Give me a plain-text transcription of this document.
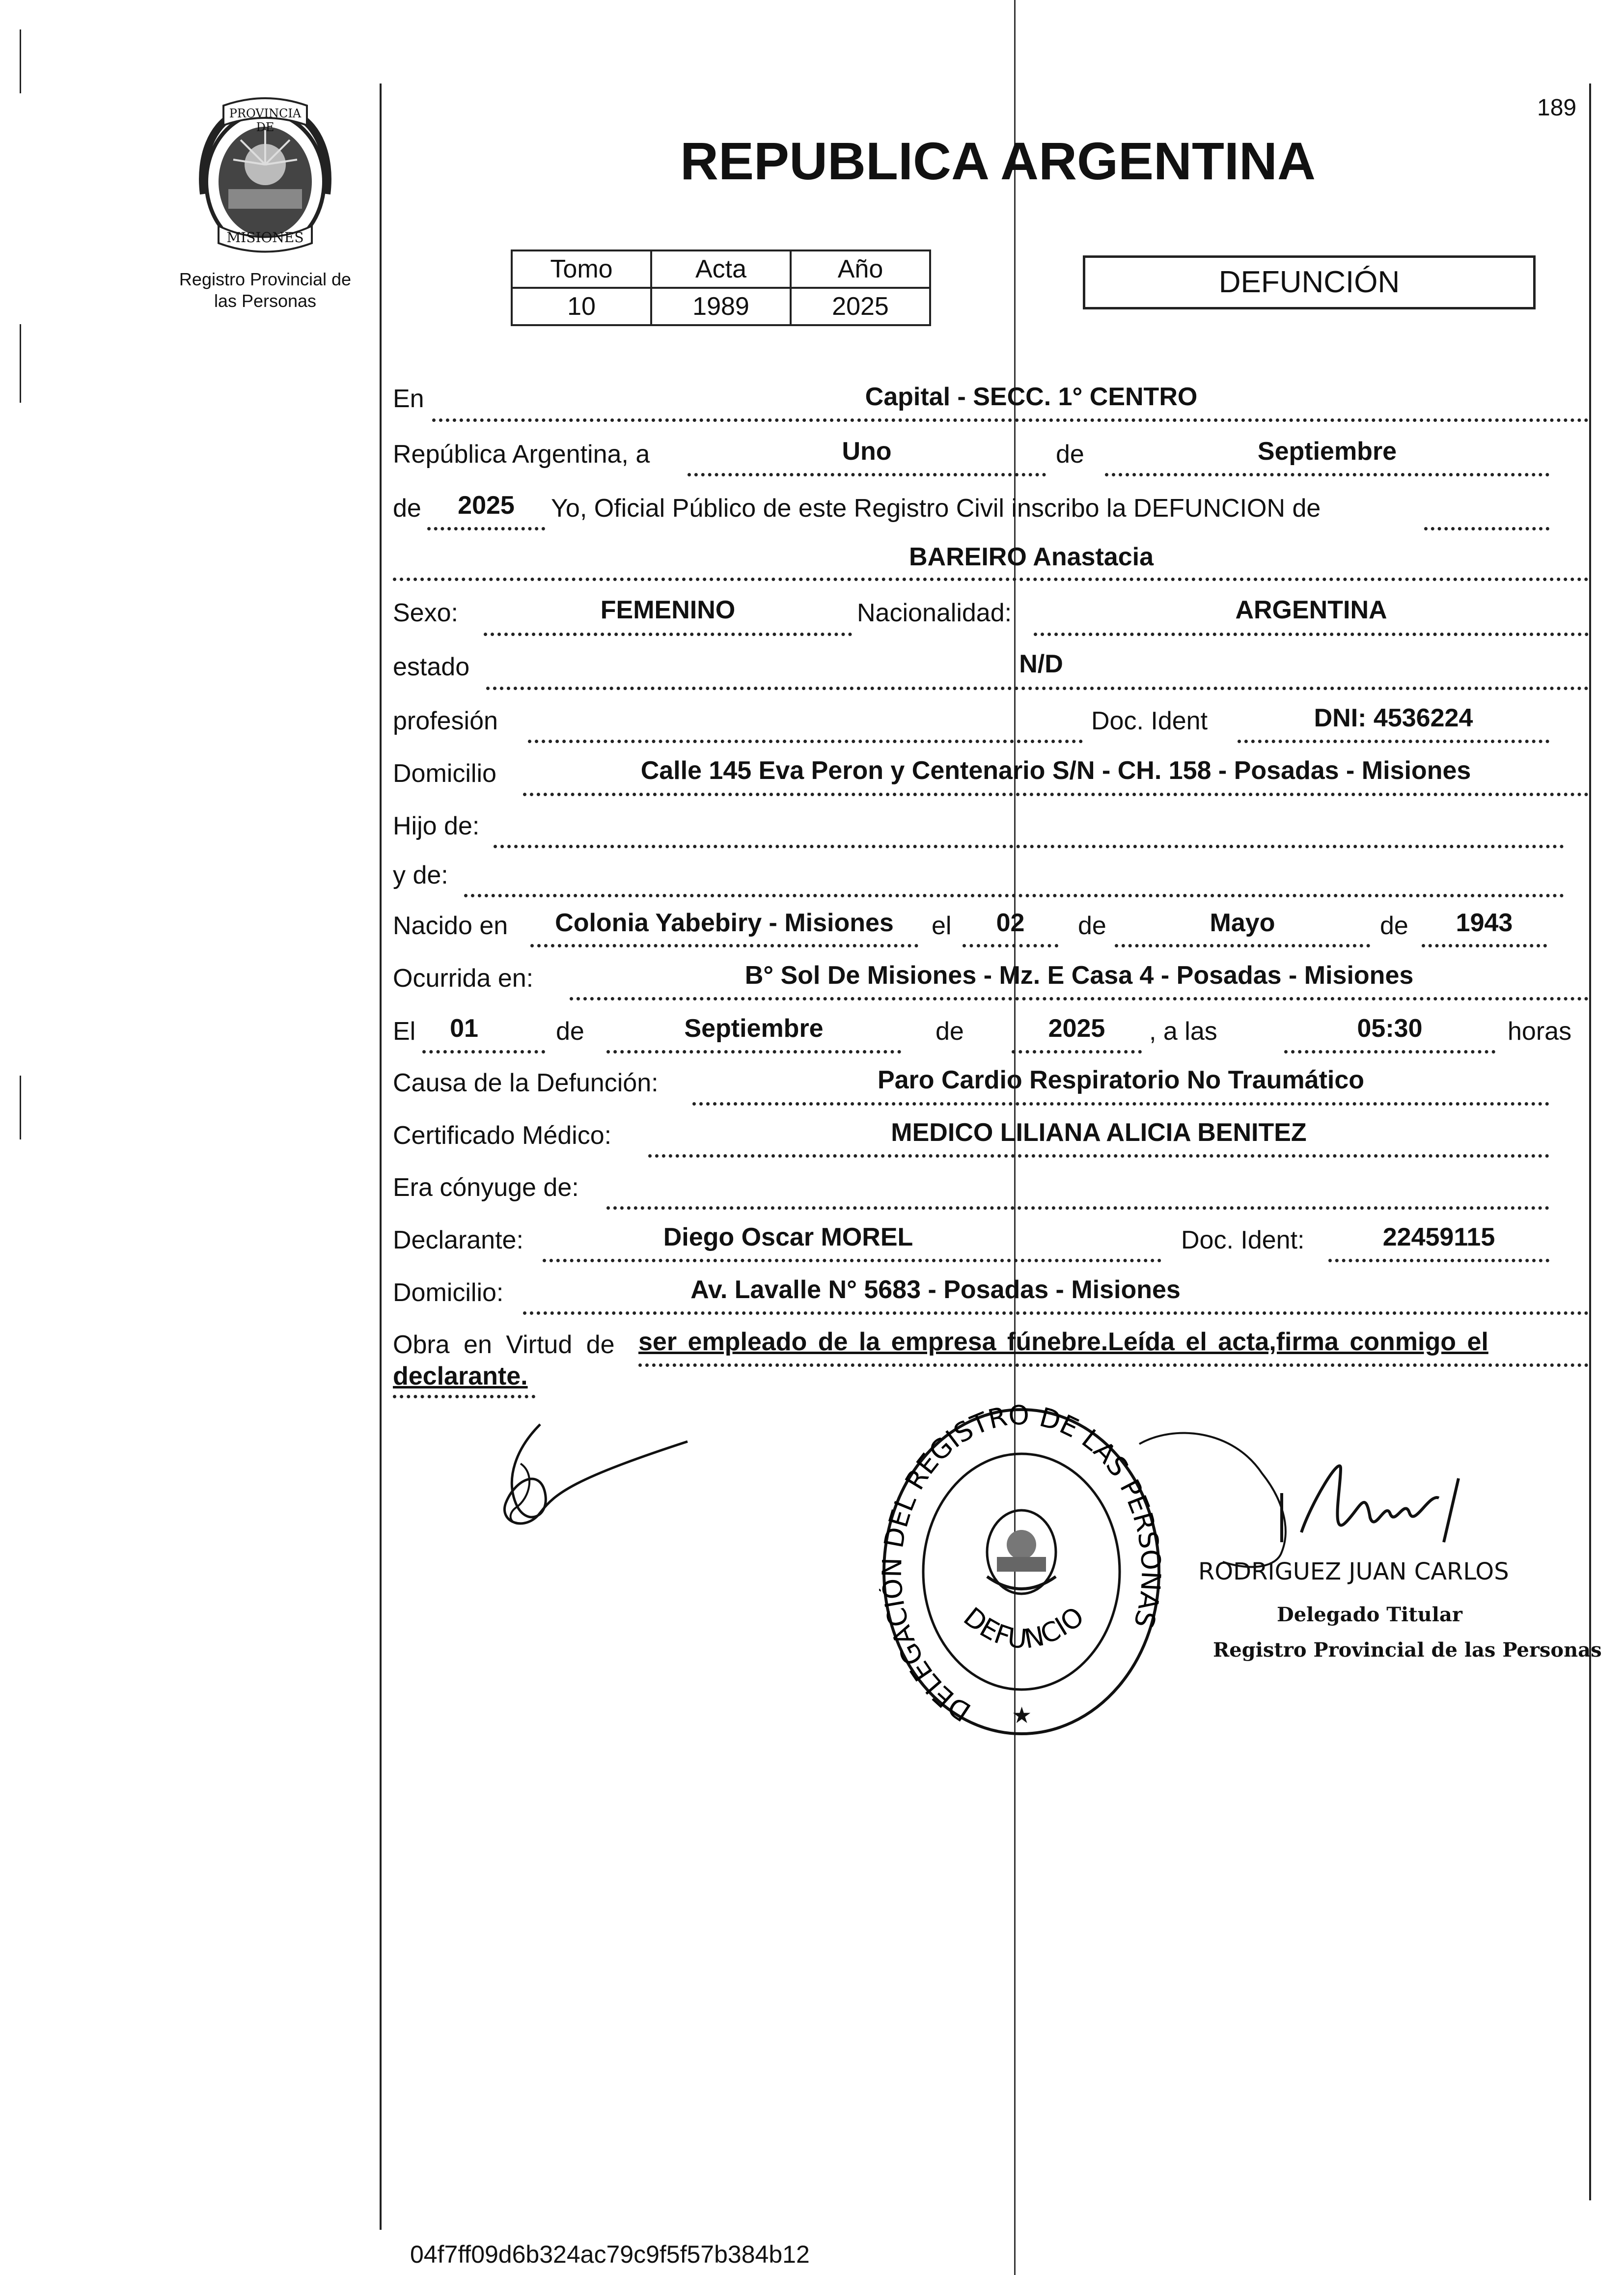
189
PROVINCIA DE
MISIONES
Registro Provincial de
las Personas
REPUBLICA ARGENTINA
Tomo	Acta	Año
10	1989	2025
DEFUNCIÓN
En	Capital - SECC. 1° CENTRO
República Argentina, a	Uno	de	Septiembre
de	2025	Yo, Oficial Público de este Registro Civil inscribo la DEFUNCION de
BAREIRO Anastacia
Sexo:	FEMENINO	Nacionalidad:	ARGENTINA
estado	N/D
profesión	Doc. Ident	DNI: 4536224
Domicilio	Calle 145 Eva Peron y Centenario S/N - CH. 158 - Posadas - Misiones
Hijo de:
y de:
Nacido en	Colonia Yabebiry - Misiones	el	02	de	Mayo	de	1943
Ocurrida en:	B° Sol De Misiones - Mz. E Casa 4 - Posadas - Misiones
El	01	de	Septiembre	de	2025	, a las	05:30	horas
Causa de la Defunción:	Paro Cardio Respiratorio No Traumático
Certificado Médico:	MEDICO LILIANA ALICIA BENITEZ
Era cónyuge de:
Declarante:	Diego Oscar MOREL	Doc. Ident:	22459115
Domicilio:	Av. Lavalle N° 5683 - Posadas - Misiones
Obra en Virtud de ser empleado de la empresa fúnebre.Leída el acta,firma conmigo el
declarante.
DELEGACIÓN DEL REGISTRO DE LAS PERSONAS
DEFUNCIO
★
RODRIGUEZ JUAN CARLOS
Delegado Titular
Registro Provincial de las Personas
04f7ff09d6b324ac79c9f5f57b384b12
